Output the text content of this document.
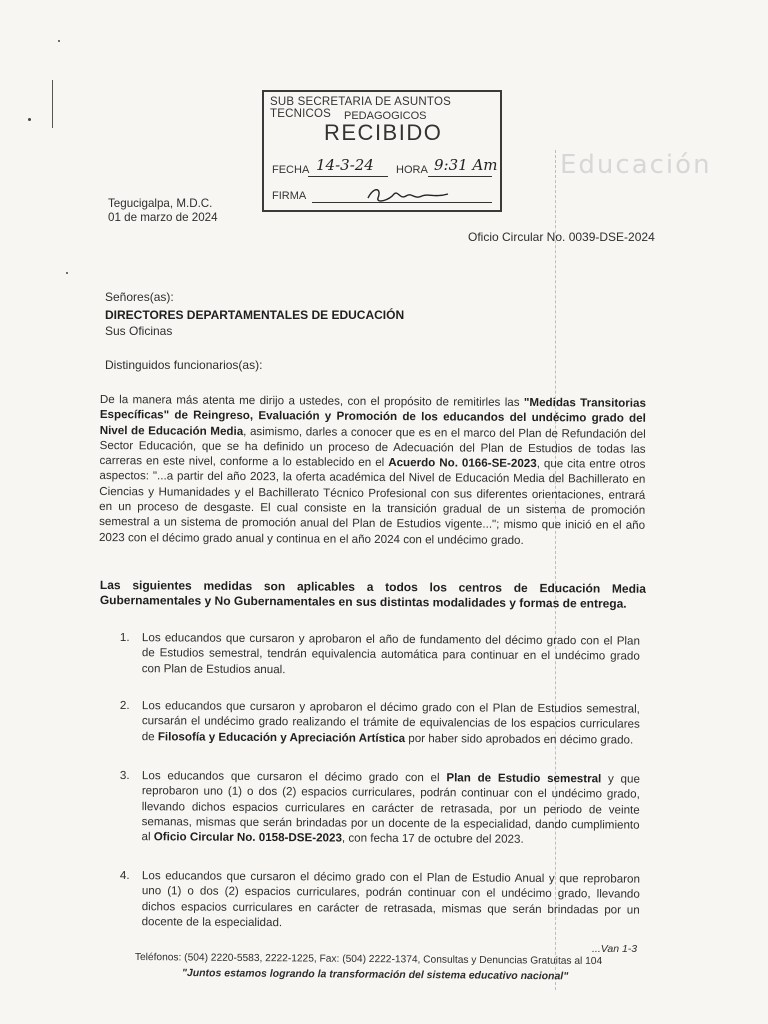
SUB SECRETARIA DE ASUNTOS TECNICOS	PEDAGOGICOS
RECIBIDO
FECHA 14-3-24 HORA 9:31 Am
FIRMA
Educación
Tegucigalpa, M.D.C.
01 de marzo de 2024
Oficio Circular No. 0039-DSE-2024
Señores(as):
DIRECTORES DEPARTAMENTALES DE EDUCACIÓN
Sus Oficinas
Distinguidos funcionarios(as):
De la manera más atenta me dirijo a ustedes, con el propósito de remitirles las "Medidas Transitorias Específicas" de Reingreso, Evaluación y Promoción de los educandos del undécimo grado del Nivel de Educación Media, asimismo, darles a conocer que es en el marco del Plan de Refundación del Sector Educación, que se ha definido un proceso de Adecuación del Plan de Estudios de todas las carreras en este nivel, conforme a lo establecido en el Acuerdo No. 0166-SE-2023, que cita entre otros aspectos: "...a partir del año 2023, la oferta académica del Nivel de Educación Media del Bachillerato en Ciencias y Humanidades y el Bachillerato Técnico Profesional con sus diferentes orientaciones, entrará en un proceso de desgaste. El cual consiste en la transición gradual de un sistema de promoción semestral a un sistema de promoción anual del Plan de Estudios vigente..."; mismo que inició en el año 2023 con el décimo grado anual y continua en el año 2024 con el undécimo grado.
Las siguientes medidas son aplicables a todos los centros de Educación Media Gubernamentales y No Gubernamentales en sus distintas modalidades y formas de entrega.
1. Los educandos que cursaron y aprobaron el año de fundamento del décimo grado con el Plan de Estudios semestral, tendrán equivalencia automática para continuar en el undécimo grado con Plan de Estudios anual.
2. Los educandos que cursaron y aprobaron el décimo grado con el Plan de Estudios semestral, cursarán el undécimo grado realizando el trámite de equivalencias de los espacios curriculares de Filosofía y Educación y Apreciación Artística por haber sido aprobados en décimo grado.
3. Los educandos que cursaron el décimo grado con el Plan de Estudio semestral y que reprobaron uno (1) o dos (2) espacios curriculares, podrán continuar con el undécimo grado, llevando dichos espacios curriculares en carácter de retrasada, por un periodo de veinte semanas, mismas que serán brindadas por un docente de la especialidad, dando cumplimiento al Oficio Circular No. 0158-DSE-2023, con fecha 17 de octubre del 2023.
4. Los educandos que cursaron el décimo grado con el Plan de Estudio Anual y que reprobaron uno (1) o dos (2) espacios curriculares, podrán continuar con el undécimo grado, llevando dichos espacios curriculares en carácter de retrasada, mismas que serán brindadas por un docente de la especialidad.
...Van 1-3
Teléfonos: (504) 2220-5583, 2222-1225, Fax: (504) 2222-1374, Consultas y Denuncias Gratuitas al 104
"Juntos estamos logrando la transformación del sistema educativo nacional"
